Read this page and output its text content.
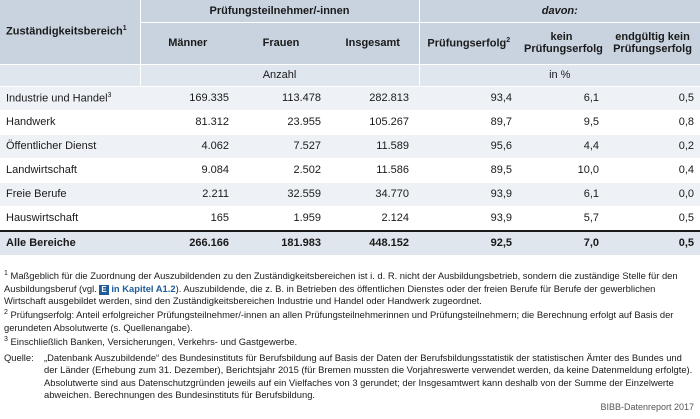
Zuständigkeitsbereich$^1$	Prüfungsteilnehmer/-innen			davon:		
	Männer	Frauen	Insgesamt	Prüfungserfolg$^2$	kein Prüfungserfolg	endgültig kein Prüfungserfolg
	Anzahl			in %		
Industrie und Handel$^3$	169.335	113.478	282.813	93,4	6,1	0,5
Handwerk	81.312	23.955	105.267	89,7	9,5	0,8
Öffentlicher Dienst	4.062	7.527	11.589	95,6	4,4	0,2
Landwirtschaft	9.084	2.502	11.586	89,5	10,0	0,4
Freie Berufe	2.211	32.559	34.770	93,9	6,1	0,0
Hauswirtschaft	165	1.959	2.124	93,9	5,7	0,5
Alle Bereiche	266.166	181.983	448.152	92,5	7,0	0,5

$^1$ Maßgeblich für die Zuordnung der Auszubildenden zu den Zuständigkeitsbereichen ist i. d. R. nicht der Ausbildungsbetrieb, sondern die zuständige Stelle für den Ausbildungsberuf (vgl. E in Kapitel A1.2). Auszubildende, die z. B. in Betrieben des öffentlichen Dienstes oder der freien Berufe für Berufe der gewerblichen Wirtschaft ausgebildet werden, sind den Zuständigkeitsbereichen Industrie und Handel oder Handwerk zugeordnet.

$^2$ Prüfungserfolg: Anteil erfolgreicher Prüfungsteilnehmer/-innen an allen Prüfungsteilnehmerinnen und Prüfungsteilnehmern; die Berechnung erfolgt auf Basis der gerundeten Absolutwerte (s. Quellenangabe).

$^3$ Einschließlich Banken, Versicherungen, Verkehrs- und Gastgewerbe.

Quelle:	„Datenbank Auszubildende“ des Bundesinstituts für Berufsbildung auf Basis der Daten der Berufsbildungsstatistik der statistischen Ämter des Bundes und der Länder (Erhebung zum 31. Dezember), Berichtsjahr 2015 (für Bremen mussten die Vorjahreswerte verwendet werden, da keine Datenmeldung erfolgte). Absolutwerte sind aus Datenschutzgründen jeweils auf ein Vielfaches von 3 gerundet; der Insgesamtwert kann deshalb von der Summe der Einzelwerte abweichen. Berechnungen des Bundesinstituts für Berufsbildung.
BIBB-Datenreport 2017
